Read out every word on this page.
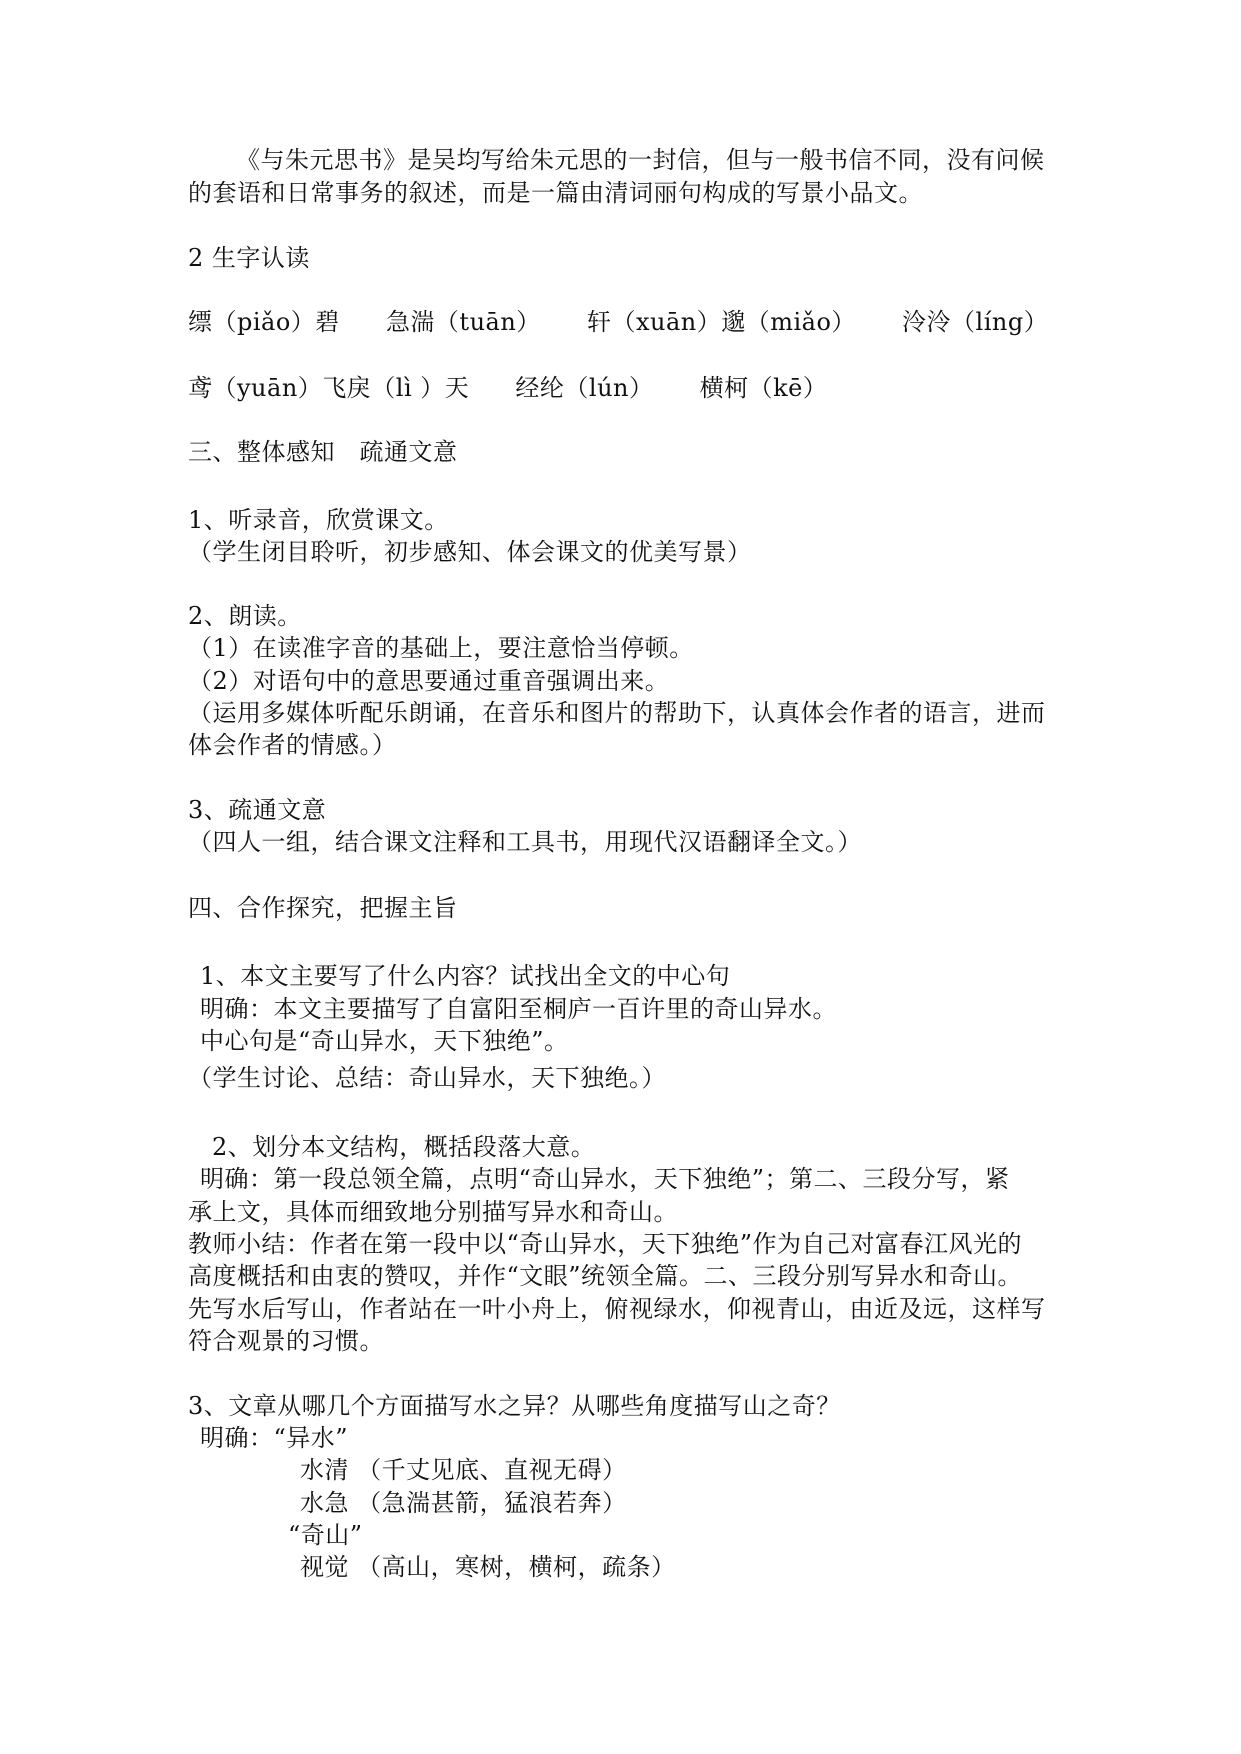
《与朱元思书》是吴均写给朱元思的一封信，但与一般书信不同，没有问候
的套语和日常事务的叙述，而是一篇由清词丽句构成的写景小品文。
2 生字认读
缥（piǎo）碧 急湍（tuān） 轩（xuān）邈（miǎo） 泠泠（líng）
鸢（yuān）飞戾（lì ）天 经纶（lún） 横柯（kē）
三、整体感知　疏通文意
1、听录音，欣赏课文。
（学生闭目聆听，初步感知、体会课文的优美写景）
2、朗读。
（1）在读准字音的基础上，要注意恰当停顿。
（2）对语句中的意思要通过重音强调出来。
（运用多媒体听配乐朗诵，在音乐和图片的帮助下，认真体会作者的语言，进而
体会作者的情感。）
3、疏通文意
（四人一组，结合课文注释和工具书，用现代汉语翻译全文。）
四、合作探究，把握主旨
1、本文主要写了什么内容？试找出全文的中心句
明确：本文主要描写了自富阳至桐庐一百许里的奇山异水。
中心句是“奇山异水，天下独绝”。
（学生讨论、总结：奇山异水，天下独绝。）
2、划分本文结构，概括段落大意。
明确：第一段总领全篇，点明“奇山异水，天下独绝”；第二、三段分写，紧
承上文，具体而细致地分别描写异水和奇山。
教师小结：作者在第一段中以“奇山异水，天下独绝”作为自己对富春江风光的
高度概括和由衷的赞叹，并作“文眼”统领全篇。二、三段分别写异水和奇山。
先写水后写山，作者站在一叶小舟上，俯视绿水，仰视青山，由近及远，这样写
符合观景的习惯。
3、文章从哪几个方面描写水之异？从哪些角度描写山之奇？
明确：“异水”
水清 （千丈见底、直视无碍）
水急 （急湍甚箭，猛浪若奔）
“奇山”
视觉 （高山，寒树，横柯，疏条）
